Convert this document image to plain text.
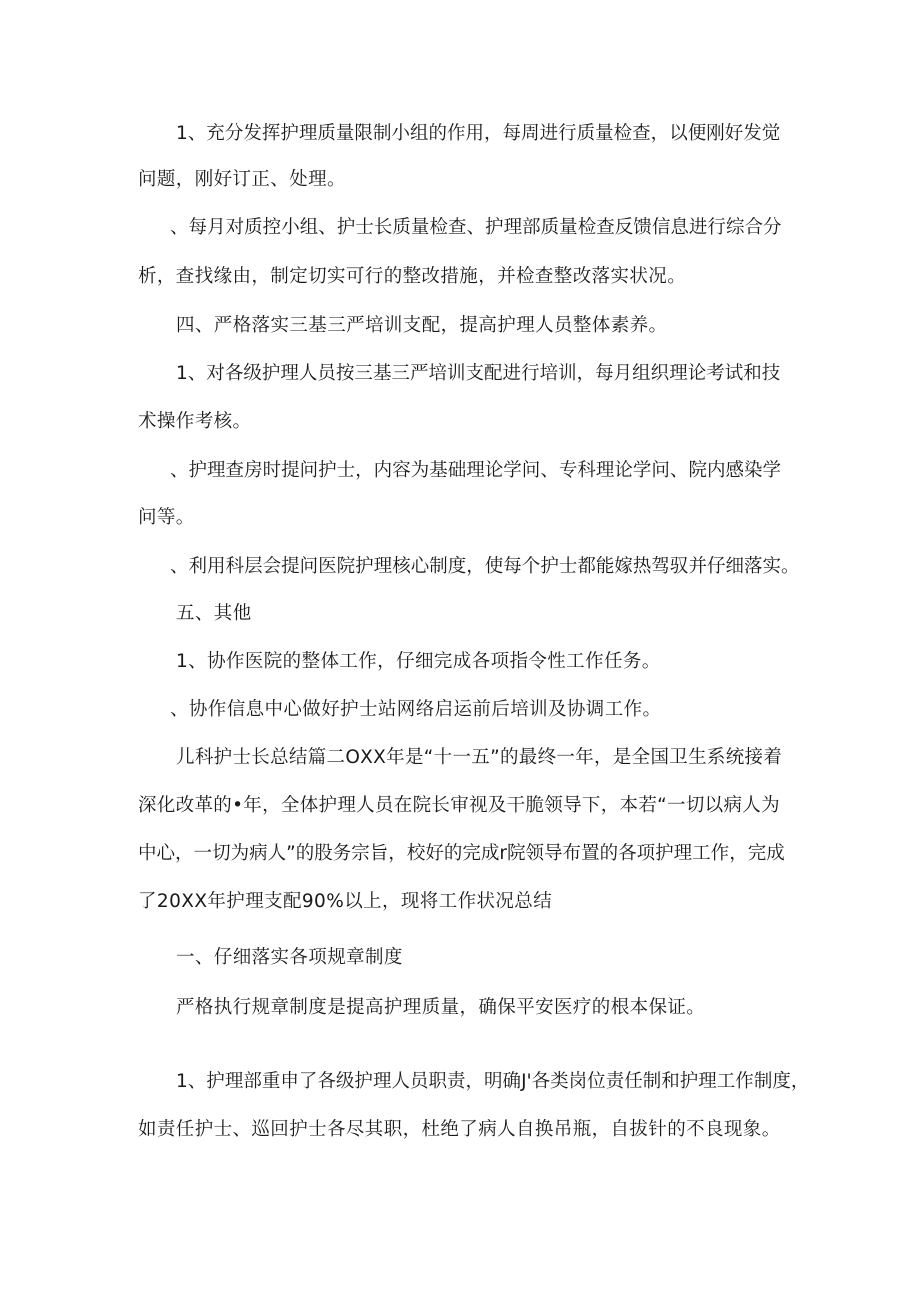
1 、 充 分 发 挥 护 理 质 量 限 制 小 组 的 作 用 ， 每 周 进 行 质 量 检 查 ， 以 便 刚 好 发 觉

问题，刚好订正、处理。

、 每 月 对 质 控 小 组 、 护 士 长 质 量 检 查 、 护 理 部 质 量 检 查 反 馈 信 息 进 行 综 合 分

析，查找缘由，制定切实可行的整改措施，并检查整改落实状况。

四、严格落实三基三严培训支配，提高护理人员整体素养。

1 、 对 各 级 护 理 人 员 按 三 基 三 严 培 训 支 配 进 行 培 训 ， 每 月 组 织 理 论 考 试 和 技

术操作考核。

、 护 理 查 房 时 提 问 护 士 ， 内 容 为 基 础 理 论 学 问 、 专 科 理 论 学 问 、 院 内 感 染 学

问等。

、 利 用 科 层 会 提 问 医 院 护 理 核 心 制 度 ， 使 每 个 护 士 都 能 嫁 热 驾 驭 并 仔 细 落 实 。

五、其他

1、协作医院的整体工作，仔细完成各项指令性工作任务。

、协作信息中心做好护士站网络启运前后培训及协调工作。

儿 科 护 士 长 总 结 篇 二 O X X 年 是 “ 十 一 五 ” 的 最 终 一 年 ， 是 全 国 卫 生 系 统 接 着

深 化 改 革 的 • 年 ， 全 体 护 理 人 员 在 院 长 审 视 及 干 脆 领 导 下 ， 本 若 “ 一 切 以 病 人 为

中 心 ， 一 切 为 病 人 ” 的 股 务 宗 旨 ， 校 好 的 完 成 r 院 领 导 布 置 的 各 项 护 理 工 作 ， 完 成

了20XX年护理支配90%以上，现将工作状况总结

一、仔细落实各项规章制度

严格执行规章制度是提高护理质量，确保平安医疗的根本保证。

1 、 护 理 部 重 申 了 各 级 护 理 人 员 职 责 ， 明 确 J ' 各 类 岗 位 责 任 制 和 护 理 工 作 制 度 ，

如责任护士、巡回护士各尽其职，杜绝了病人自换吊瓶，自拔针的不良现象。
